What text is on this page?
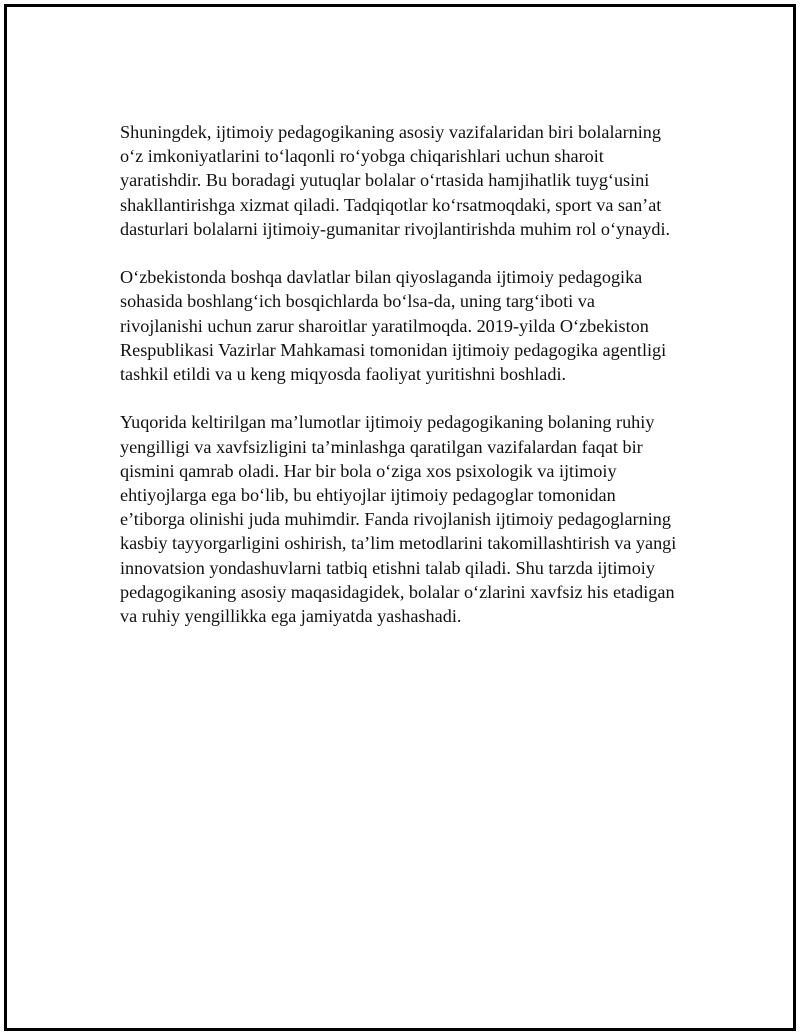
Shuningdek, ijtimoiy pedagogikaning asosiy vazifalaridan biri bolalarning
o‘z imkoniyatlarini to‘laqonli ro‘yobga chiqarishlari uchun sharoit
yaratishdir. Bu boradagi yutuqlar bolalar o‘rtasida hamjihatlik tuyg‘usini
shakllantirishga xizmat qiladi. Tadqiqotlar ko‘rsatmoqdaki, sport va san’at
dasturlari bolalarni ijtimoiy-gumanitar rivojlantirishda muhim rol o‘ynaydi.

O‘zbekistonda boshqa davlatlar bilan qiyoslaganda ijtimoiy pedagogika
sohasida boshlang‘ich bosqichlarda bo‘lsa-da, uning targ‘iboti va
rivojlanishi uchun zarur sharoitlar yaratilmoqda. 2019-yilda O‘zbekiston
Respublikasi Vazirlar Mahkamasi tomonidan ijtimoiy pedagogika agentligi
tashkil etildi va u keng miqyosda faoliyat yuritishni boshladi.

Yuqorida keltirilgan ma’lumotlar ijtimoiy pedagogikaning bolaning ruhiy
yengilligi va xavfsizligini ta’minlashga qaratilgan vazifalardan faqat bir
qismini qamrab oladi. Har bir bola o‘ziga xos psixologik va ijtimoiy
ehtiyojlarga ega bo‘lib, bu ehtiyojlar ijtimoiy pedagoglar tomonidan
e’tiborga olinishi juda muhimdir. Fanda rivojlanish ijtimoiy pedagoglarning
kasbiy tayyorgarligini oshirish, ta’lim metodlarini takomillashtirish va yangi
innovatsion yondashuvlarni tatbiq etishni talab qiladi. Shu tarzda ijtimoiy
pedagogikaning asosiy maqasidagidek, bolalar o‘zlarini xavfsiz his etadigan
va ruhiy yengillikka ega jamiyatda yashashadi.
